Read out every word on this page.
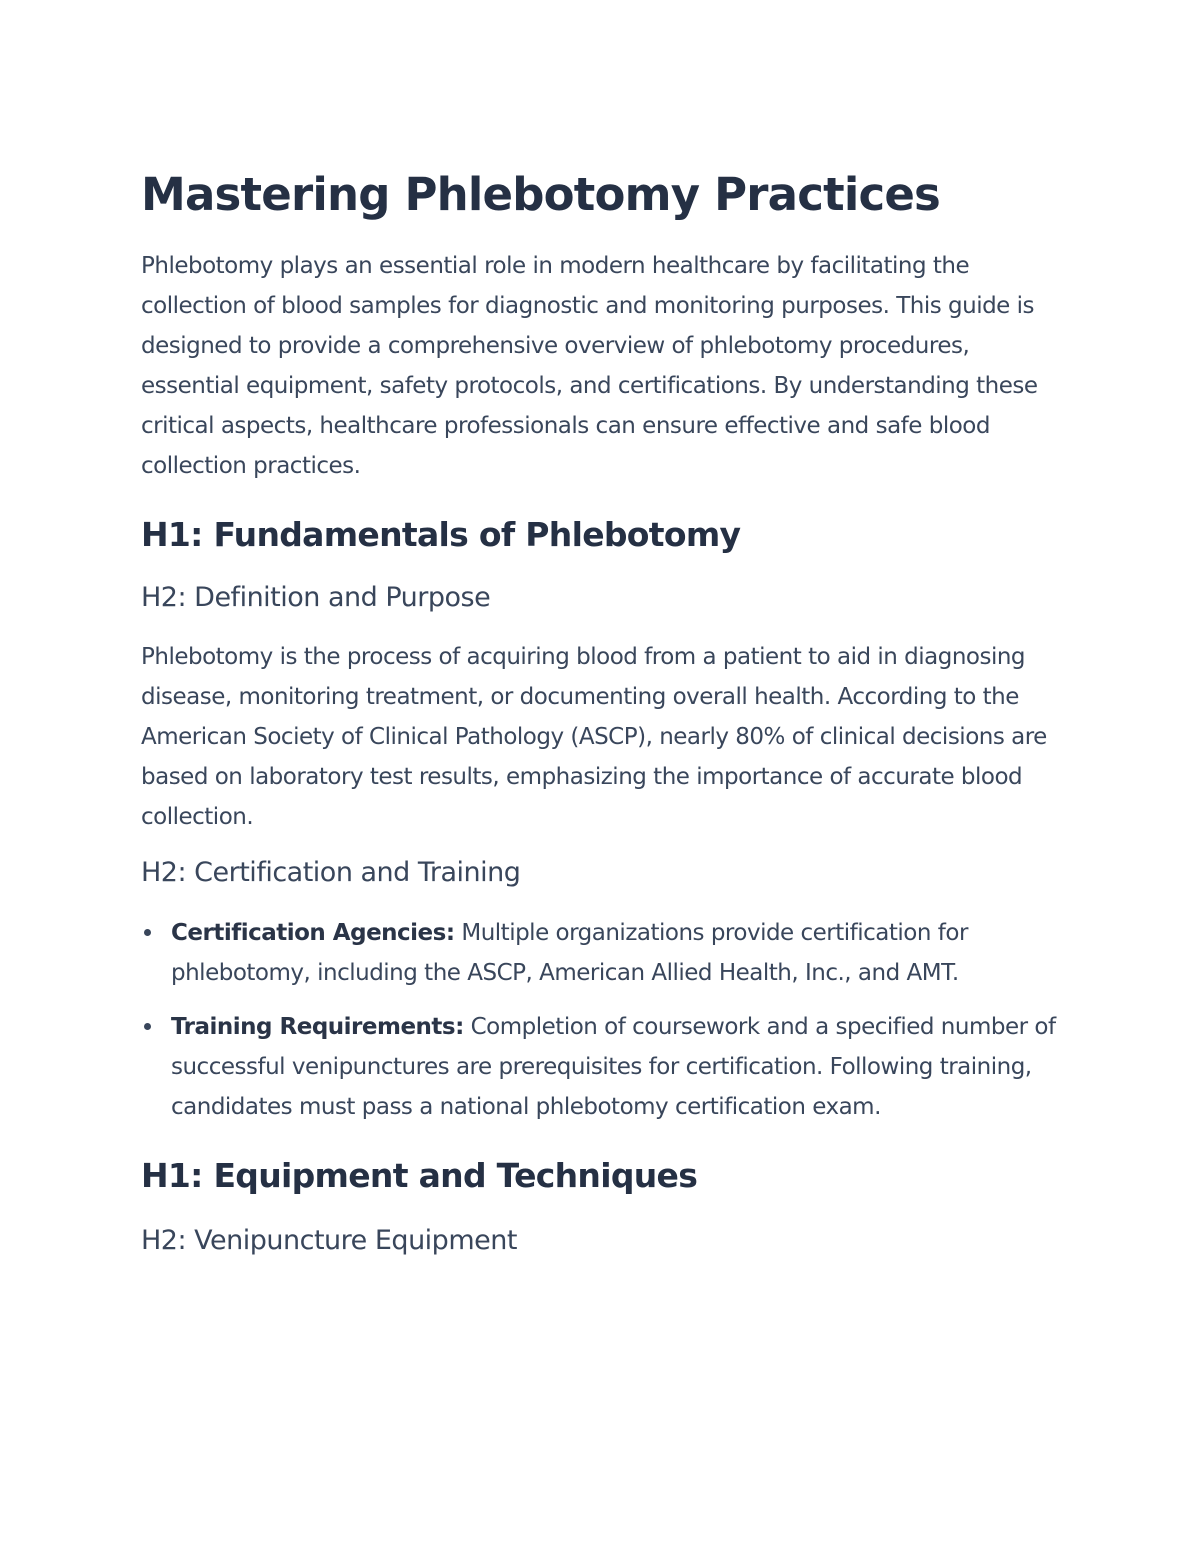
Mastering Phlebotomy Practices

Phlebotomy plays an essential role in modern healthcare by facilitating the collection of blood samples for diagnostic and monitoring purposes. This guide is designed to provide a comprehensive overview of phlebotomy procedures, essential equipment, safety protocols, and certifications. By understanding these critical aspects, healthcare professionals can ensure effective and safe blood collection practices.

H1: Fundamentals of Phlebotomy
H2: Definition and Purpose

Phlebotomy is the process of acquiring blood from a patient to aid in diagnosing disease, monitoring treatment, or documenting overall health. According to the American Society of Clinical Pathology (ASCP), nearly 80% of clinical decisions are based on laboratory test results, emphasizing the importance of accurate blood collection.

H2: Certification and Training
Certification Agencies: Multiple organizations provide certification for phlebotomy, including the ASCP, American Allied Health, Inc., and AMT.
Training Requirements: Completion of coursework and a specified number of successful venipunctures are prerequisites for certification. Following training, candidates must pass a national phlebotomy certification exam.
H1: Equipment and Techniques
H2: Venipuncture Equipment
